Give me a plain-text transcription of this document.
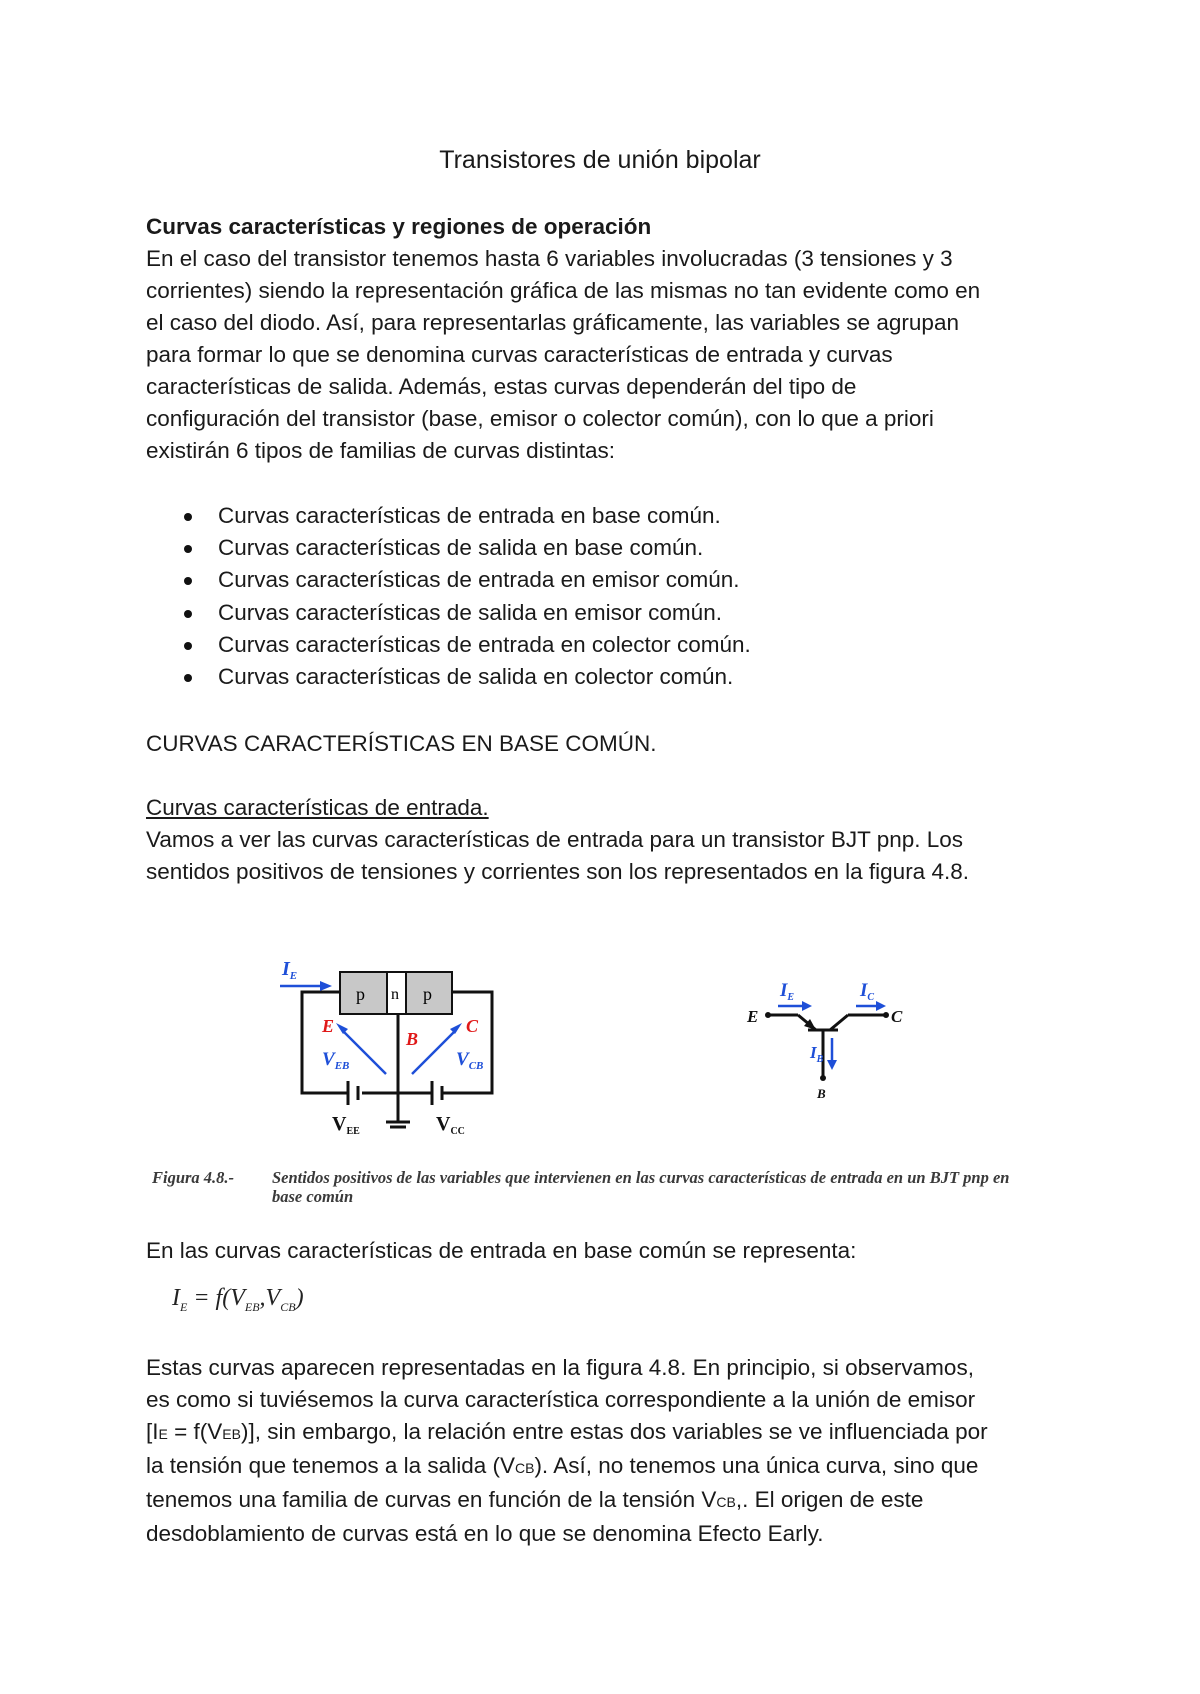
Transistores de unión bipolar
Curvas características y regiones de operación
En el caso del transistor tenemos hasta 6 variables involucradas (3 tensiones y 3
corrientes) siendo la representación gráfica de las mismas no tan evidente como en
el caso del diodo. Así, para representarlas gráficamente, las variables se agrupan
para formar lo que se denomina curvas características de entrada y curvas
características de salida. Además, estas curvas dependerán del tipo de
configuración del transistor (base, emisor o colector común), con lo que a priori
existirán 6 tipos de familias de curvas distintas:
Curvas características de entrada en base común.
Curvas características de salida en base común.
Curvas características de entrada en emisor común.
Curvas características de salida en emisor común.
Curvas características de entrada en colector común.
Curvas características de salida en colector común.
CURVAS CARACTERÍSTICAS EN BASE COMÚN.
Curvas características de entrada.
Vamos a ver las curvas características de entrada para un transistor BJT pnp. Los
sentidos positivos de tensiones y corrientes son los representados en la figura 4.8.
p n p
$I_E$
E
B
C
$V_{EB}$	$V_{CB}$
$V_{EE}$	$V_{CC}$
E	C
B
$I_E$	$I_C$
$I_B$
Figura 4.8.- Sentidos positivos de las variables que intervienen en las curvas características de entrada en un BJT pnp en base común
En las curvas características de entrada en base común se representa:
$I_E = f(V_{EB},V_{CB})$
Estas curvas aparecen representadas en la figura 4.8. En principio, si observamos,
es como si tuviésemos la curva característica correspondiente a la unión de emisor
[IE = f(VEB)], sin embargo, la relación entre estas dos variables se ve influenciada por
la tensión que tenemos a la salida (VCB). Así, no tenemos una única curva, sino que
tenemos una familia de curvas en función de la tensión VCB,. El origen de este
desdoblamiento de curvas está en lo que se denomina Efecto Early.
